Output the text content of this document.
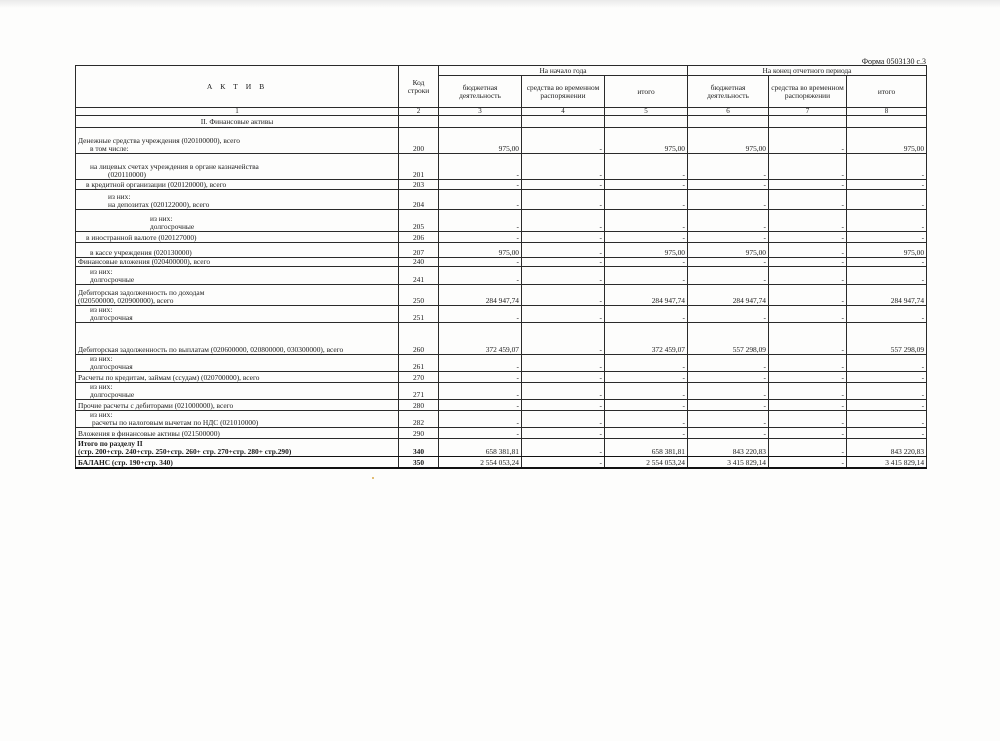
Форма 0503130 с.3
А К Т И В	Код строки	На начало года			На конец отчетного периода		
		бюджетная деятельность	средства во временном распоряжении	итого	бюджетная деятельность	средства во временном распоряжении	итого
1	2	3	4	5	6	7	8
II. Финансовые активы							

Денежные средства учреждения (020100000), всего
в том числе:	200	975,00	-	975,00	975,00	-	975,00

на лицевых счетах учреждения в органе казначейства
(020110000)	201	-	-	-	-	-	-

в кредитной организации (020120000), всего	203	-	-	-	-	-	-

из них:
на депозитах (020122000), всего	204	-	-	-	-	-	-

из них:
долгосрочные	205	-	-	-	-	-	-

в иностранной валюте (020127000)	206	-	-	-	-	-	-

в кассе учреждения (020130000)	207	975,00	-	975,00	975,00	-	975,00

Финансовые вложения (020400000), всего	240	-	-	-	-	-	-

из них:
долгосрочные	241	-	-	-	-	-	-

Дебиторская задолженность по доходам
(020500000, 020900000), всего	250	284 947,74	-	284 947,74	284 947,74	-	284 947,74

из них:
долгосрочная	251	-	-	-	-	-	-

Дебиторская задолженность по выплатам (020600000, 020800000, 030300000), всего	260	372 459,07	-	372 459,07	557 298,09	-	557 298,09

из них:
долгосрочная	261	-	-	-	-	-	-

Расчеты по кредитам, займам (ссудам) (020700000), всего	270	-	-	-	-	-	-

из них:
долгосрочные	271	-	-	-	-	-	-

Прочие расчеты с дебиторами (021000000), всего	280	-	-	-	-	-	-

из них:
расчеты по налоговым вычетам по НДС (021010000)	282	-	-	-	-	-	-

Вложения в финансовые активы (021500000)	290	-	-	-	-	-	-

Итого по разделу II
(стр. 200+стр. 240+стр. 250+стр. 260+ стр. 270+стр. 280+ стр.290)	340	658 381,81	-	658 381,81	843 220,83	-	843 220,83

БАЛАНС (стр. 190+стр. 340)	350	2 554 053,24	-	2 554 053,24	3 415 829,14	-	3 415 829,14
